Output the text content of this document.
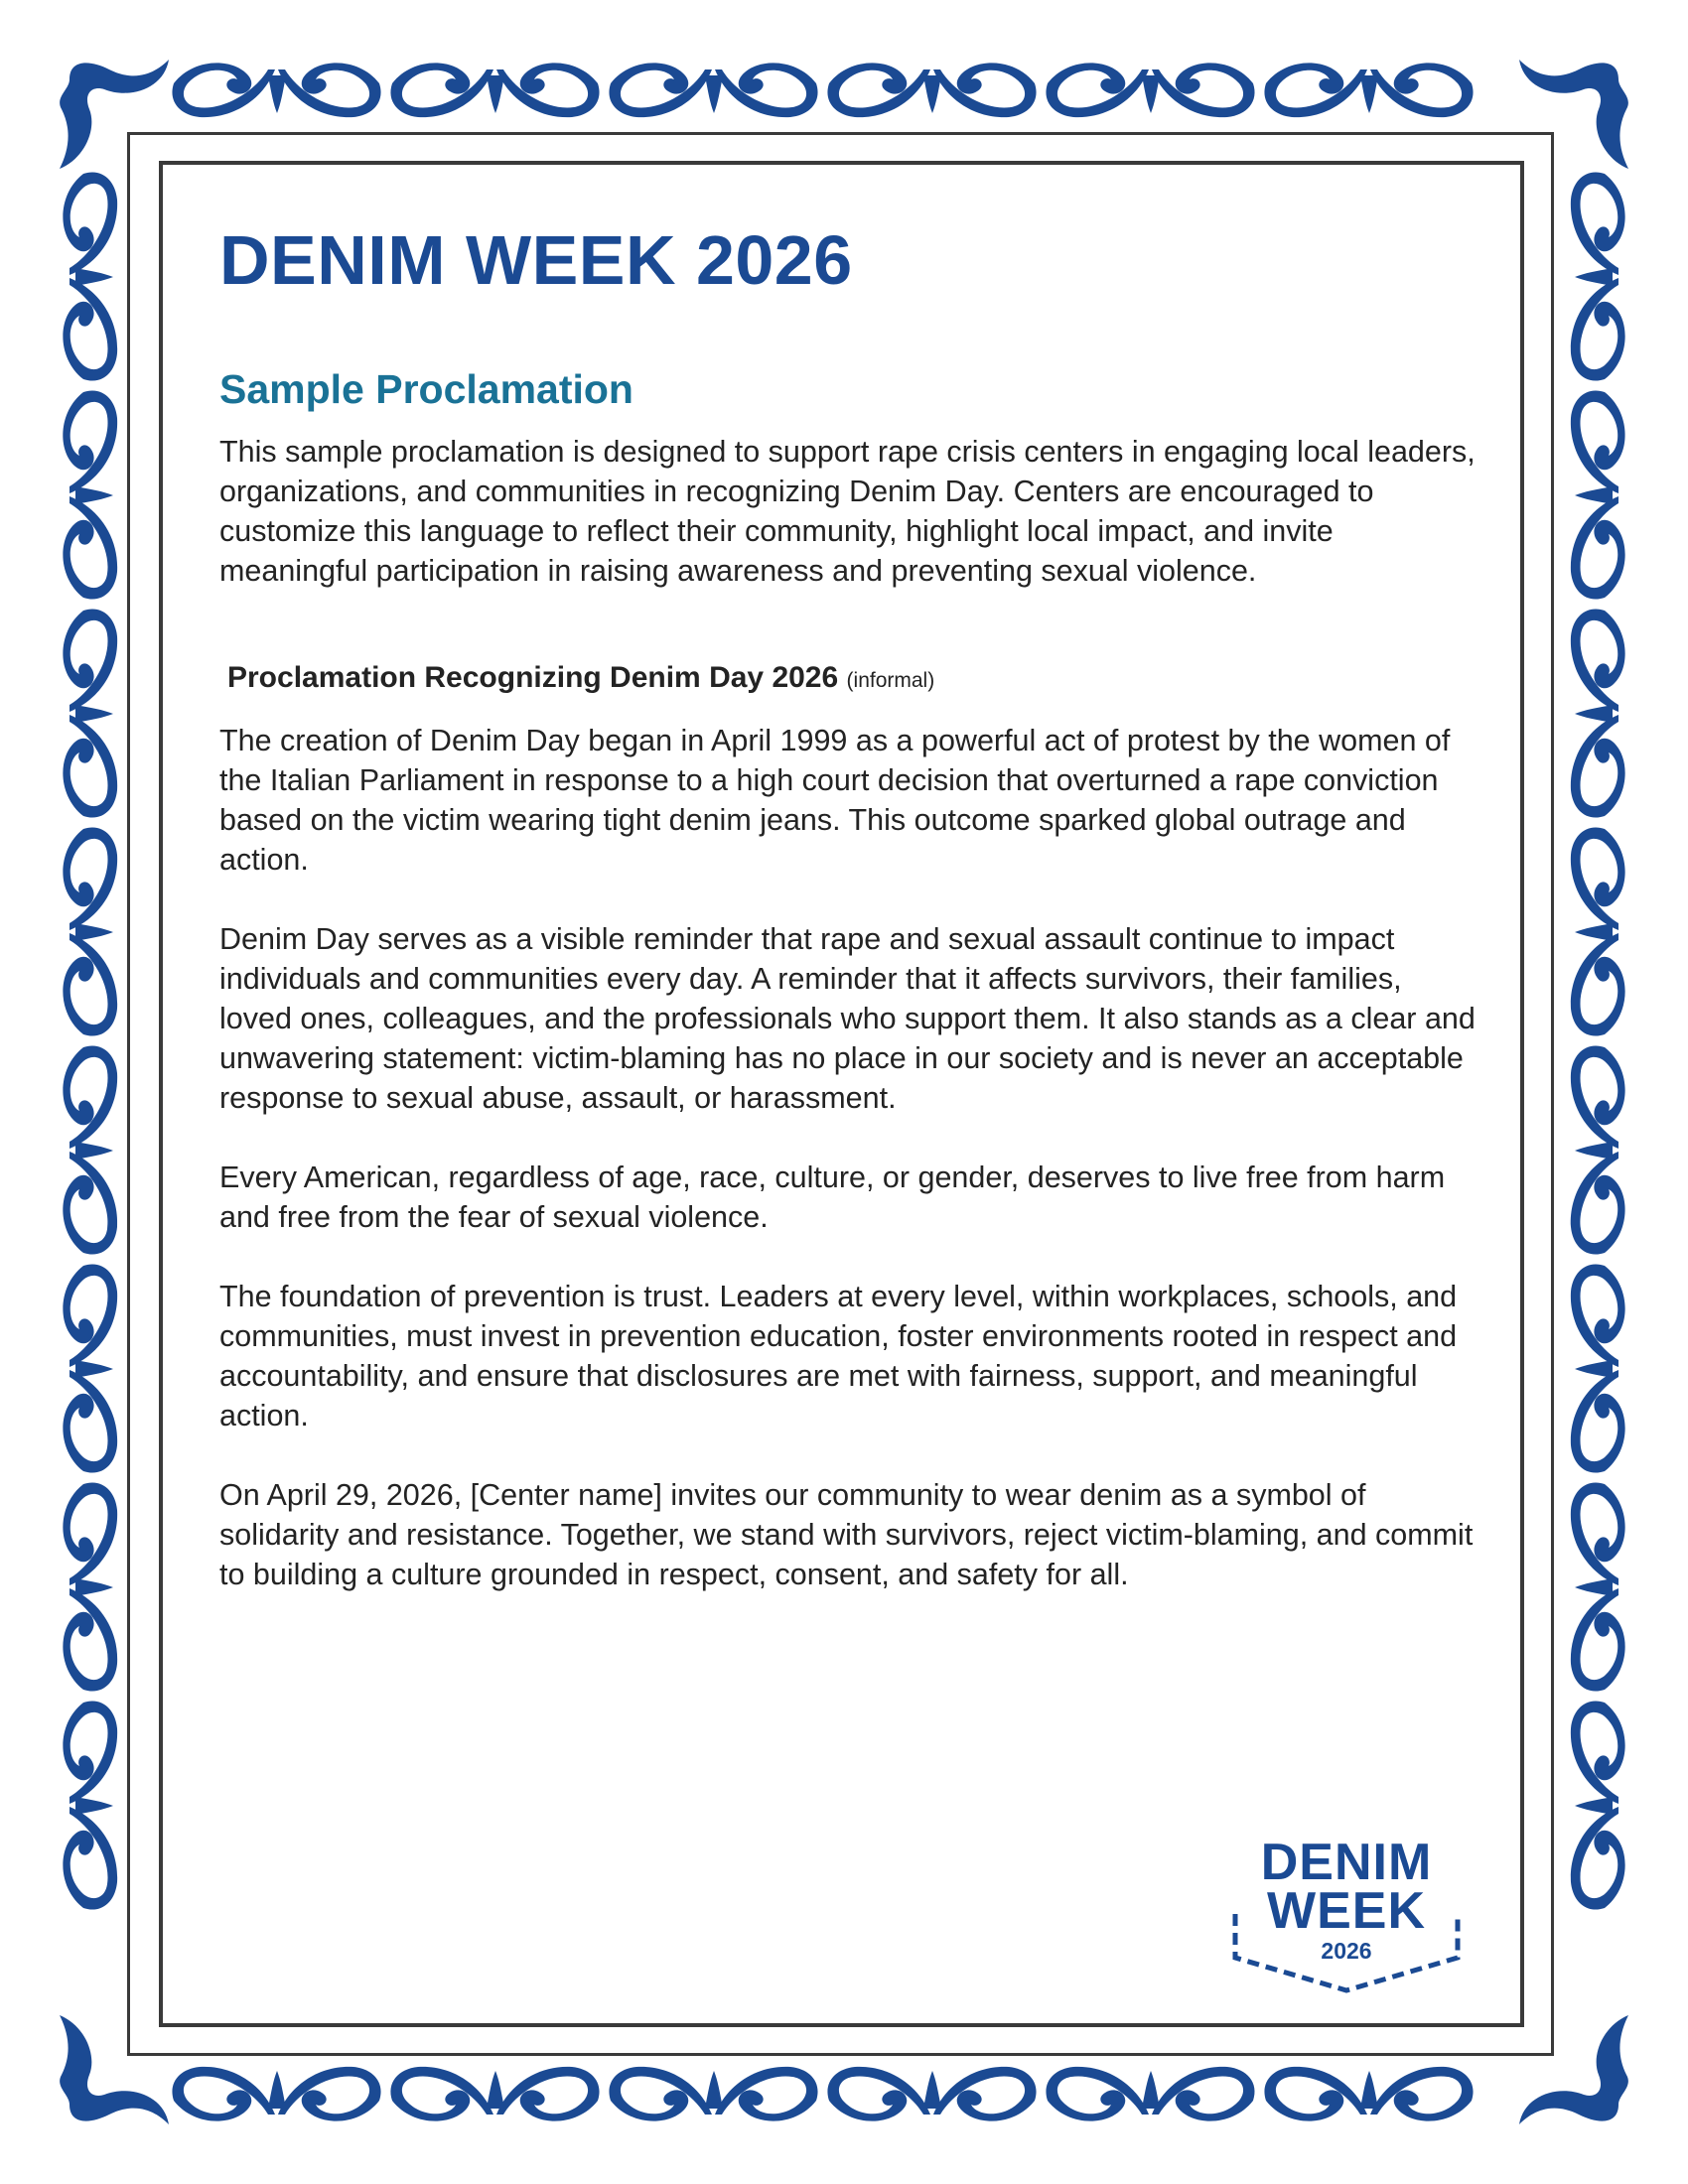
DENIM WEEK 2026
Sample Proclamation

This sample proclamation is designed to support rape crisis centers in engaging local leaders, organizations, and communities in recognizing Denim Day. Centers are encouraged to customize this language to reflect their community, highlight local impact, and invite meaningful participation in raising awareness and preventing sexual violence.

Proclamation Recognizing Denim Day 2026 (informal)

The creation of Denim Day began in April 1999 as a powerful act of protest by the women of the Italian Parliament in response to a high court decision that overturned a rape conviction based on the victim wearing tight denim jeans. This outcome sparked global outrage and action.

Denim Day serves as a visible reminder that rape and sexual assault continue to impact individuals and communities every day. A reminder that it affects survivors, their families, loved ones, colleagues, and the professionals who support them. It also stands as a clear and unwavering statement: victim-blaming has no place in our society and is never an acceptable response to sexual abuse, assault, or harassment.

Every American, regardless of age, race, culture, or gender, deserves to live free from harm and free from the fear of sexual violence.

The foundation of prevention is trust. Leaders at every level, within workplaces, schools, and communities, must invest in prevention education, foster environments rooted in respect and accountability, and ensure that disclosures are met with fairness, support, and meaningful action.

On April 29, 2026, [Center name] invites our community to wear denim as a symbol of solidarity and resistance. Together, we stand with survivors, reject victim-blaming, and commit to building a culture grounded in respect, consent, and safety for all.

DENIM
WEEK
2026
